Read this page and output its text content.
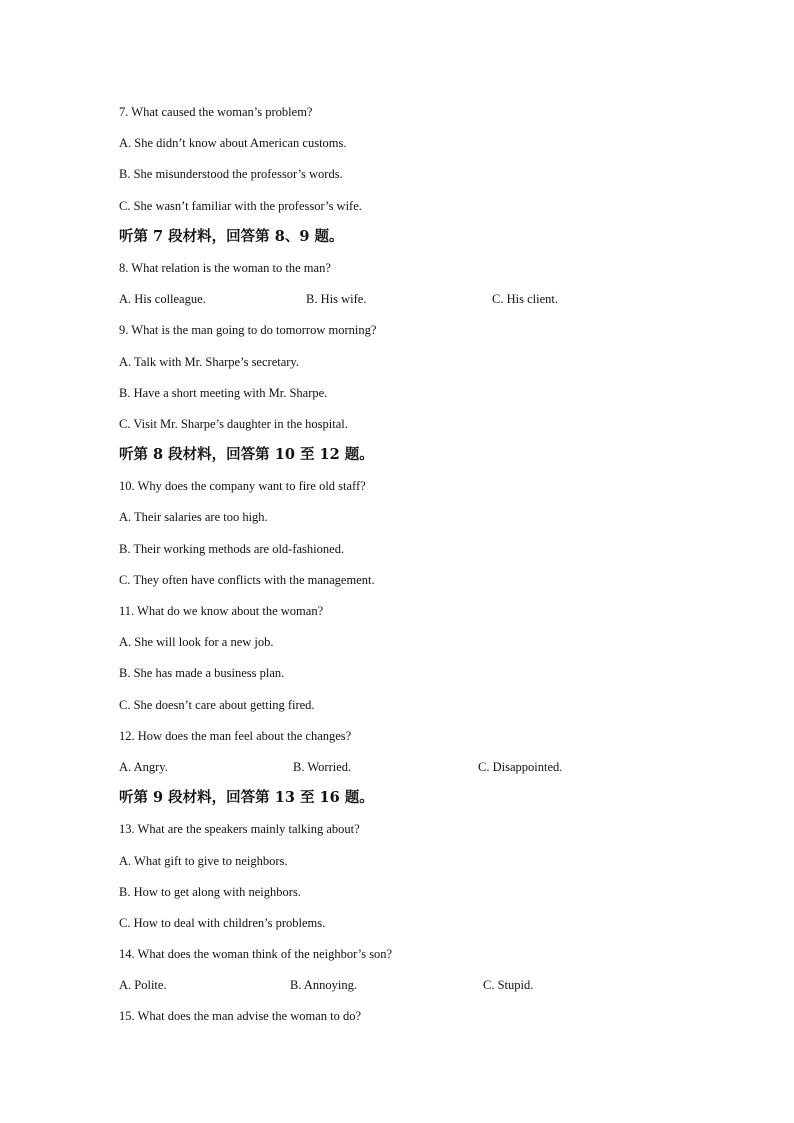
7. What caused the woman’s problem?
A. She didn’t know about American customs.
B. She misunderstood the professor’s words.
C. She wasn’t familiar with the professor’s wife.
听第 7 段材料，回答第 8、9 题。
8. What relation is the woman to the man?
A. His colleague.	B. His wife.	C. His client.
9. What is the man going to do tomorrow morning?
A. Talk with Mr. Sharpe’s secretary.
B. Have a short meeting with Mr. Sharpe.
C. Visit Mr. Sharpe’s daughter in the hospital.
听第 8 段材料，回答第 10 至 12 题。
10. Why does the company want to fire old staff?
A. Their salaries are too high.
B. Their working methods are old-fashioned.
C. They often have conflicts with the management.
11. What do we know about the woman?
A. She will look for a new job.
B. She has made a business plan.
C. She doesn’t care about getting fired.
12. How does the man feel about the changes?
A. Angry.	B. Worried.	C. Disappointed.
听第 9 段材料，回答第 13 至 16 题。
13. What are the speakers mainly talking about?
A. What gift to give to neighbors.
B. How to get along with neighbors.
C. How to deal with children’s problems.
14. What does the woman think of the neighbor’s son?
A. Polite.	B. Annoying.	C. Stupid.
15. What does the man advise the woman to do?
